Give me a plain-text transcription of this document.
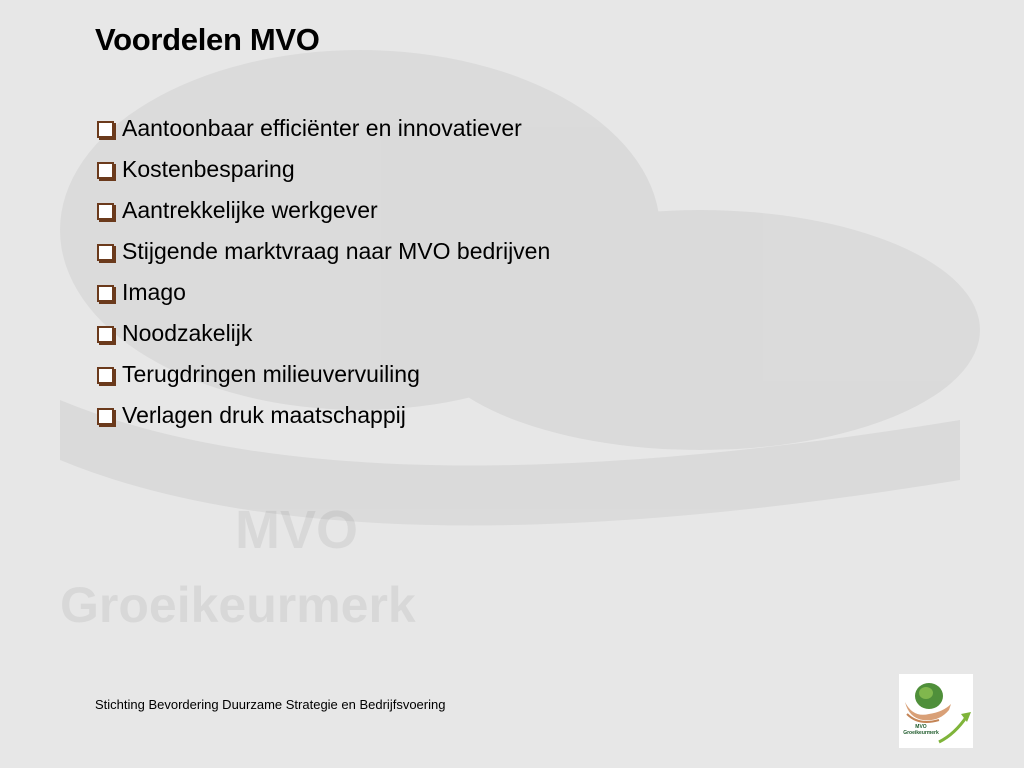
MVO
Groeikeurmerk
Voordelen MVO
Aantoonbaar efficiënter en innovatiever
Kostenbesparing
Aantrekkelijke werkgever
Stijgende marktvraag naar MVO bedrijven
Imago
Noodzakelijk
Terugdringen milieuvervuiling
Verlagen druk maatschappij
Stichting Bevordering Duurzame Strategie en Bedrijfsvoering
MVO
Groeikeurmerk
